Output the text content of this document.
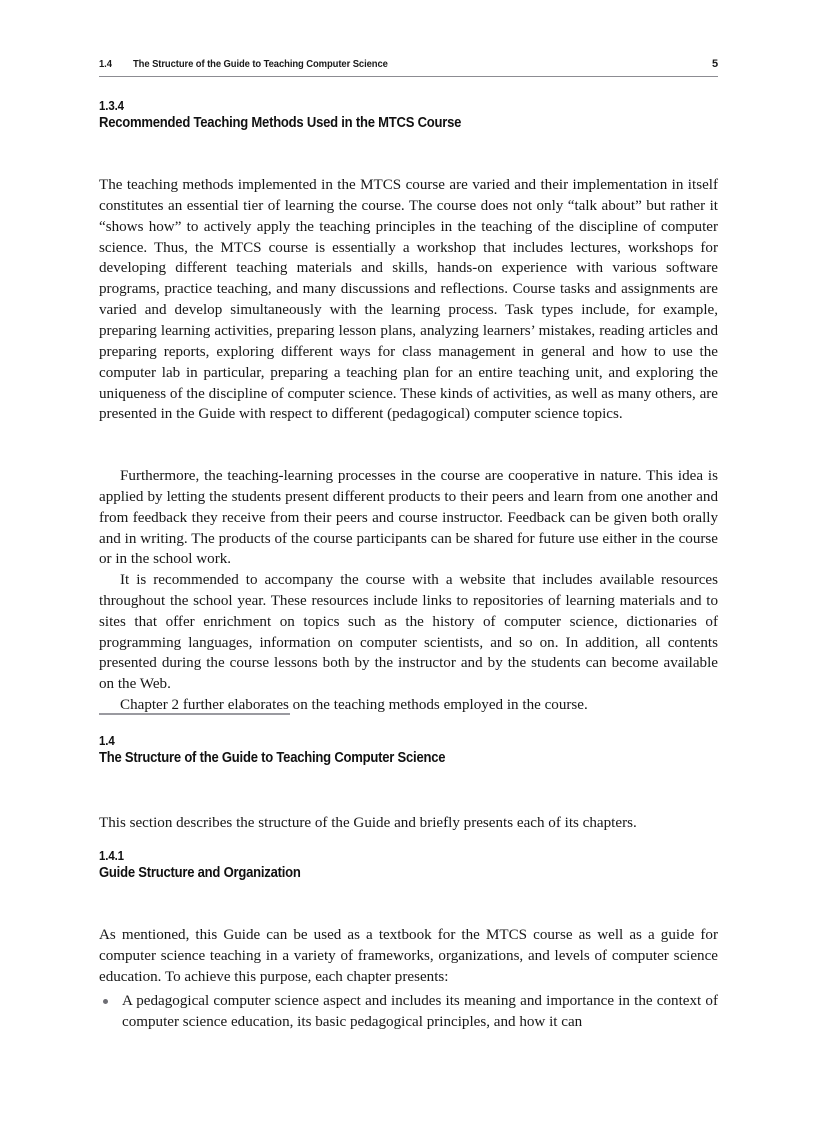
1.4	The Structure of the Guide to Teaching Computer Science	5
1.3.4
Recommended Teaching Methods Used in the MTCS Course

The teaching methods implemented in the MTCS course are varied and their implementation in itself constitutes an essential tier of learning the course. The course does not only “talk about” but rather it “shows how” to actively apply the teaching principles in the teaching of the discipline of computer science. Thus, the MTCS course is essentially a workshop that includes lectures, workshops for developing different teaching materials and skills, hands-on experience with various software programs, practice teaching, and many discussions and reflections. Course tasks and assignments are varied and develop simultaneously with the learning process. Task types include, for example, preparing learning activities, preparing lesson plans, analyzing learners’ mistakes, reading articles and preparing reports, exploring different ways for class management in general and how to use the computer lab in particular, preparing a teaching plan for an entire teaching unit, and exploring the uniqueness of the discipline of computer science. These kinds of activities, as well as many others, are presented in the Guide with respect to different (pedagogical) computer science topics.

Furthermore, the teaching-learning processes in the course are cooperative in nature. This idea is applied by letting the students present different products to their peers and learn from one another and from feedback they receive from their peers and course instructor. Feedback can be given both orally and in writing. The products of the course participants can be shared for future use either in the course or in the school work.

It is recommended to accompany the course with a website that includes available resources throughout the school year. These resources include links to repositories of learning materials and to sites that offer enrichment on topics such as the history of computer science, dictionaries of programming languages, information on computer scientists, and so on. In addition, all contents presented during the course lessons both by the instructor and by the students can become available on the Web.

Chapter 2 further elaborates on the teaching methods employed in the course.

1.4
The Structure of the Guide to Teaching Computer Science

This section describes the structure of the Guide and briefly presents each of its chapters.

1.4.1
Guide Structure and Organization

As mentioned, this Guide can be used as a textbook for the MTCS course as well as a guide for computer science teaching in a variety of frameworks, organizations, and levels of computer science education. To achieve this purpose, each chapter presents:

A pedagogical computer science aspect and includes its meaning and importance in the context of computer science education, its basic pedagogical principles, and how it can
